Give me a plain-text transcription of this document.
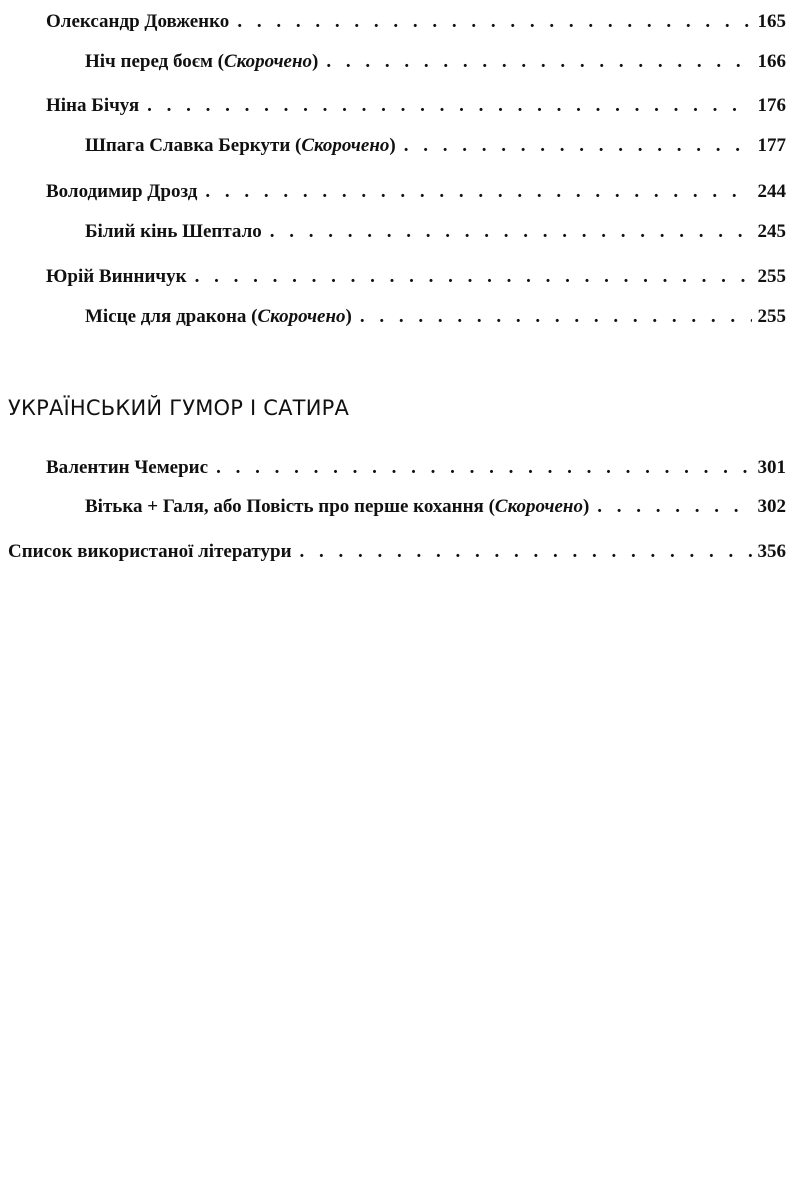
Олександр Довженко . . .	165
Ніч перед боєм (Скорочено) . . .	166
Ніна Бічуя . . .	176
Шпага Славка Беркути (Скорочено) . . .	177
Володимир Дрозд . . .	244
Білий кінь Шептало . . .	245
Юрій Винничук . . .	255
Місце для дракона (Скорочено) . . .	255
УКРАЇНСЬКИЙ ГУМОР І САТИРА
Валентин Чемерис . . .	301
Вітька + Галя, або Повість про перше кохання (Скорочено) . . .	302
Список використаної літератури . . .	356
